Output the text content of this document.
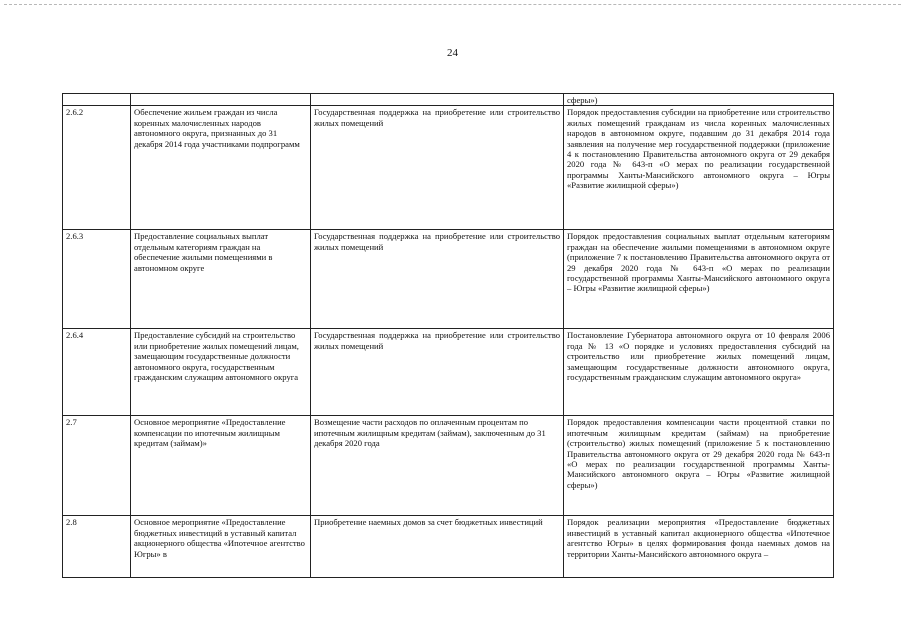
24
			сферы»)
2.6.2	Обеспечение жильем граждан из числа коренных малочисленных народов автономного округа, признанных до 31 декабря 2014 года участниками подпрограмм	Государственная поддержка на приобретение или строительство жилых помещений	Порядок предоставления субсидии на приобретение или строительство жилых помещений гражданам из числа коренных малочисленных народов в автономном округе, подавшим до 31 декабря 2014 года заявления на получение мер государственной поддержки (приложение 4 к постановлению Правительства автономного округа от 29 декабря 2020 года № 643-п «О мерах по реализации государственной программы Ханты-Мансийского автономного округа – Югры «Развитие жилищной сферы»)
2.6.3	Предоставление социальных выплат отдельным категориям граждан на обеспечение жилыми помещениями в автономном округе	Государственная поддержка на приобретение или строительство жилых помещений	Порядок предоставления социальных выплат отдельным категориям граждан на обеспечение жилыми помещениями в автономном округе (приложение 7 к постановлению Правительства автономного округа от 29 декабря 2020 года № 643-п «О мерах по реализации государственной программы Ханты-Мансийского автономного округа – Югры «Развитие жилищной сферы»)
2.6.4	Предоставление субсидий на строительство или приобретение жилых помещений лицам, замещающим государственные должности автономного округа, государственным гражданским служащим автономного округа	Государственная поддержка на приобретение или строительство жилых помещений	Постановление Губернатора автономного округа от 10 февраля 2006 года № 13 «О порядке и условиях предоставления субсидий на строительство или приобретение жилых помещений лицам, замещающим государственные должности автономного округа, государственным гражданским служащим автономного округа»
2.7	Основное мероприятие «Предоставление компенсации по ипотечным жилищным кредитам (займам)»	Возмещение части расходов по оплаченным процентам по ипотечным жилищным кредитам (займам), заключенным до 31 декабря 2020 года	Порядок предоставления компенсации части процентной ставки по ипотечным жилищным кредитам (займам) на приобретение (строительство) жилых помещений (приложение 5 к постановлению Правительства автономного округа от 29 декабря 2020 года № 643-п «О мерах по реализации государственной программы Ханты-Мансийского автономного округа – Югры «Развитие жилищной сферы»)
2.8	Основное мероприятие «Предоставление бюджетных инвестиций в уставный капитал акционерного общества «Ипотечное агентство Югры» в	Приобретение наемных домов за счет бюджетных инвестиций	Порядок реализации мероприятия «Предоставление бюджетных инвестиций в уставный капитал акционерного общества «Ипотечное агентство Югры» в целях формирования фонда наемных домов на территории Ханты-Мансийского автономного округа –
